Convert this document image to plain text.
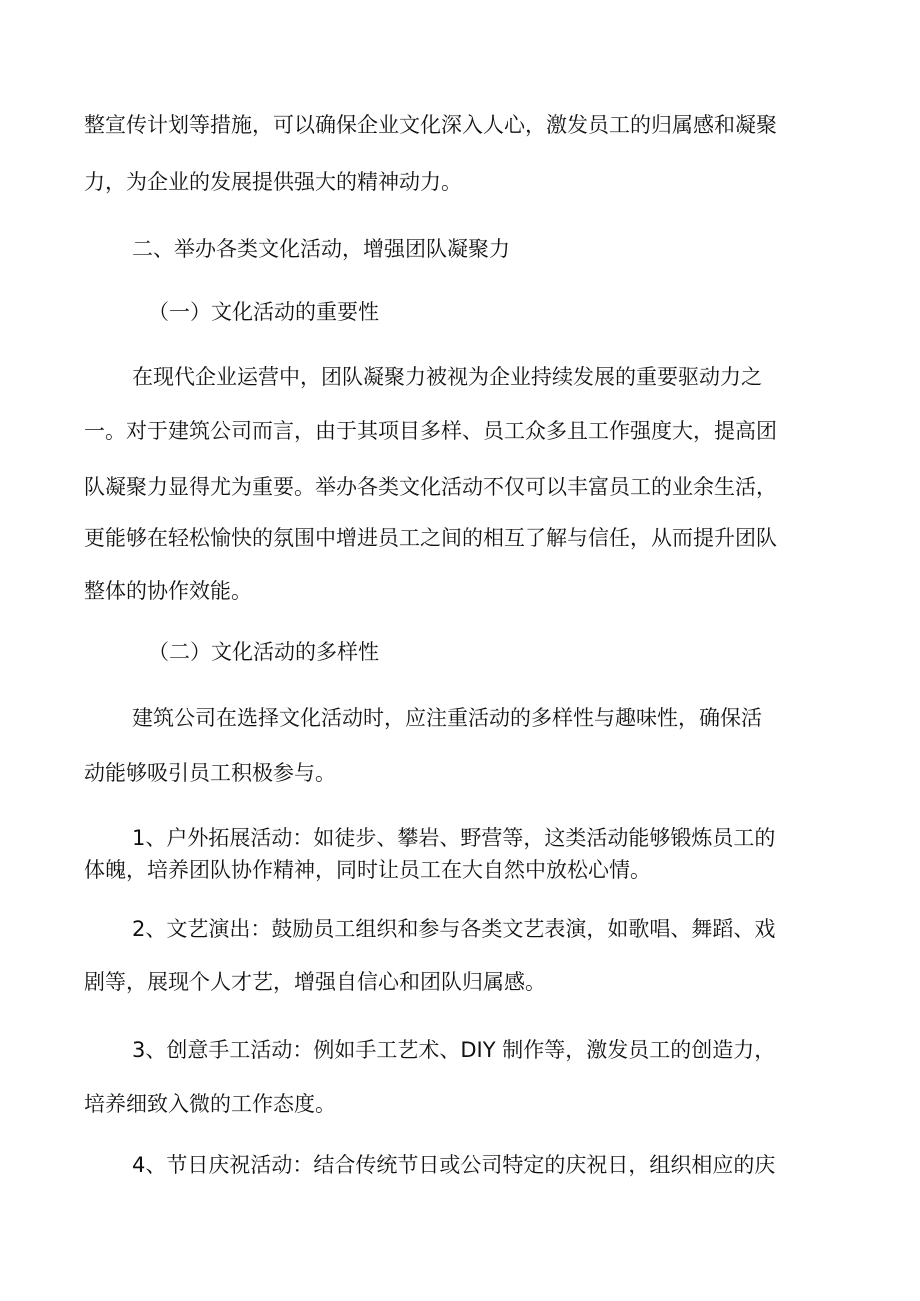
整宣传计划等措施，可以确保企业文化深入人心，激发员工的归属感和凝聚

力，为企业的发展提供强大的精神动力。

二、举办各类文化活动，增强团队凝聚力

（一）文化活动的重要性

在现代企业运营中，团队凝聚力被视为企业持续发展的重要驱动力之

一。对于建筑公司而言，由于其项目多样、员工众多且工作强度大，提高团

队凝聚力显得尤为重要。举办各类文化活动不仅可以丰富员工的业余生活，

更能够在轻松愉快的氛围中增进员工之间的相互了解与信任，从而提升团队

整体的协作效能。

（二）文化活动的多样性

建筑公司在选择文化活动时，应注重活动的多样性与趣味性，确保活

动能够吸引员工积极参与。

1、户外拓展活动：如徒步、攀岩、野营等，这类活动能够锻炼员工的

体魄，培养团队协作精神，同时让员工在大自然中放松心情。

2、文艺演出：鼓励员工组织和参与各类文艺表演，如歌唱、舞蹈、戏

剧等，展现个人才艺，增强自信心和团队归属感。

3、创意手工活动：例如手工艺术、DIY 制作等，激发员工的创造力，

培养细致入微的工作态度。

4、节日庆祝活动：结合传统节日或公司特定的庆祝日，组织相应的庆
